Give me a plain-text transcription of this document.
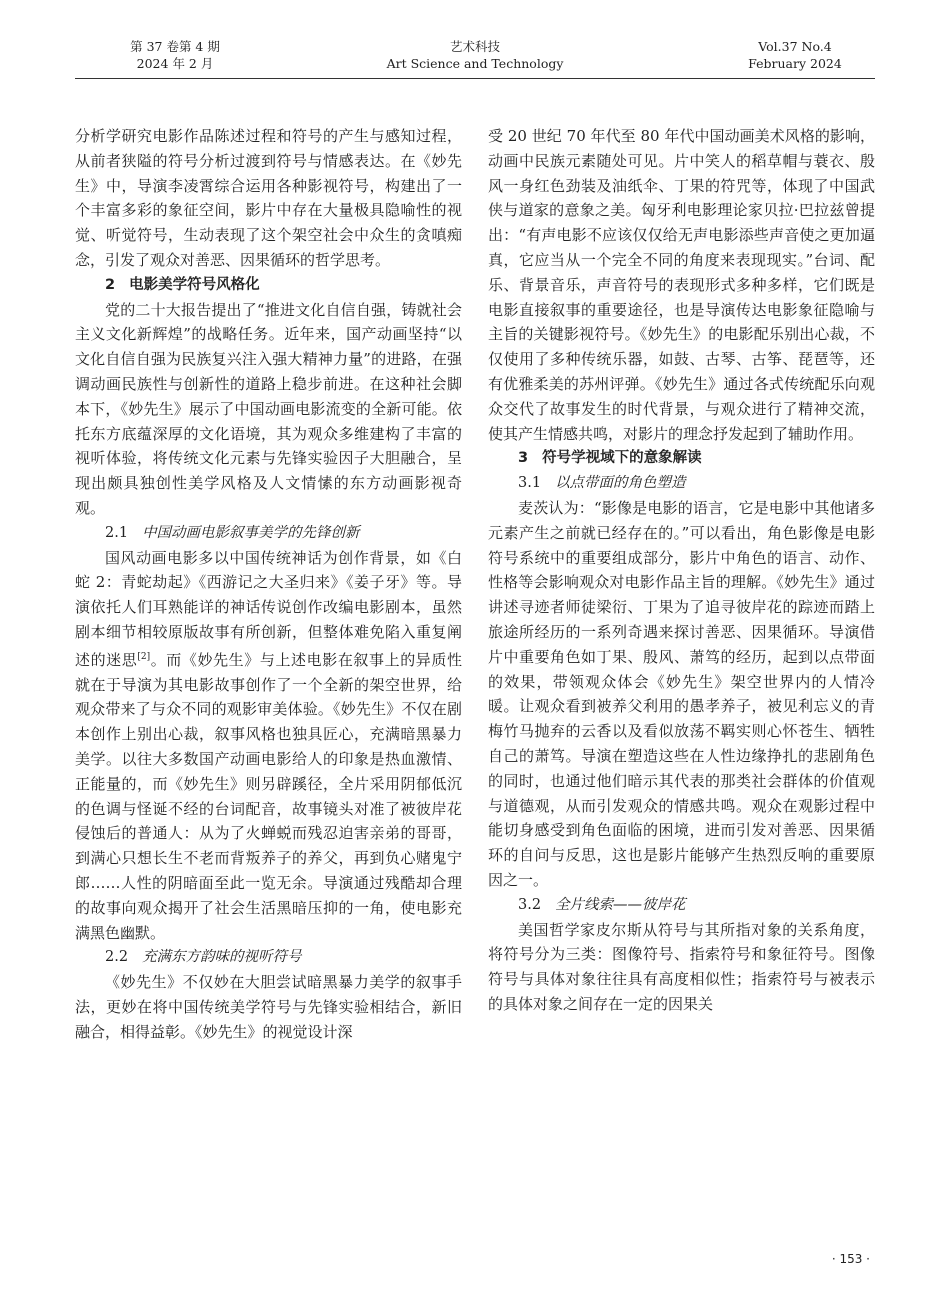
第 37 卷第 4 期
2024 年 2 月
艺术科技
Art Science and Technology
Vol.37 No.4
February 2024

分析学研究电影作品陈述过程和符号的产生与感知过程，从前者狭隘的符号分析过渡到符号与情感表达。在《妙先生》中，导演李凌霄综合运用各种影视符号，构建出了一个丰富多彩的象征空间，影片中存在大量极具隐喻性的视觉、听觉符号，生动表现了这个架空社会中众生的贪嗔痴念，引发了观众对善恶、因果循环的哲学思考。

2 电影美学符号风格化

党的二十大报告提出了“推进文化自信自强，铸就社会主义文化新辉煌”的战略任务。近年来，国产动画坚持“以文化自信自强为民族复兴注入强大精神力量”的进路，在强调动画民族性与创新性的道路上稳步前进。在这种社会脚本下，《妙先生》展示了中国动画电影流变的全新可能。依托东方底蕴深厚的文化语境，其为观众多维建构了丰富的视听体验，将传统文化元素与先锋实验因子大胆融合，呈现出颇具独创性美学风格及人文情愫的东方动画影视奇观。

2.1 中国动画电影叙事美学的先锋创新

国风动画电影多以中国传统神话为创作背景，如《白蛇 2：青蛇劫起》《西游记之大圣归来》《姜子牙》等。导演依托人们耳熟能详的神话传说创作改编电影剧本，虽然剧本细节相较原版故事有所创新，但整体难免陷入重复阐述的迷思[2]。而《妙先生》与上述电影在叙事上的异质性就在于导演为其电影故事创作了一个全新的架空世界，给观众带来了与众不同的观影审美体验。《妙先生》不仅在剧本创作上别出心裁，叙事风格也独具匠心，充满暗黑暴力美学。以往大多数国产动画电影给人的印象是热血激情、正能量的，而《妙先生》则另辟蹊径，全片采用阴郁低沉的色调与怪诞不经的台词配音，故事镜头对准了被彼岸花侵蚀后的普通人：从为了火蝉蜕而残忍迫害亲弟的哥哥，到满心只想长生不老而背叛养子的养父，再到负心赌鬼宁郎……人性的阴暗面至此一览无余。导演通过残酷却合理的故事向观众揭开了社会生活黑暗压抑的一角，使电影充满黑色幽默。

2.2 充满东方韵味的视听符号

《妙先生》不仅妙在大胆尝试暗黑暴力美学的叙事手法，更妙在将中国传统美学符号与先锋实验相结合，新旧融合，相得益彰。《妙先生》的视觉设计深

受 20 世纪 70 年代至 80 年代中国动画美术风格的影响，动画中民族元素随处可见。片中笑人的稻草帽与蓑衣、殷风一身红色劲装及油纸伞、丁果的符咒等，体现了中国武侠与道家的意象之美。匈牙利电影理论家贝拉·巴拉兹曾提出：“有声电影不应该仅仅给无声电影添些声音使之更加逼真，它应当从一个完全不同的角度来表现现实。”台词、配乐、背景音乐，声音符号的表现形式多种多样，它们既是电影直接叙事的重要途径，也是导演传达电影象征隐喻与主旨的关键影视符号。《妙先生》的电影配乐别出心裁，不仅使用了多种传统乐器，如鼓、古琴、古筝、琵琶等，还有优雅柔美的苏州评弹。《妙先生》通过各式传统配乐向观众交代了故事发生的时代背景，与观众进行了精神交流，使其产生情感共鸣，对影片的理念抒发起到了辅助作用。

3 符号学视域下的意象解读

3.1 以点带面的角色塑造

麦茨认为：“影像是电影的语言，它是电影中其他诸多元素产生之前就已经存在的。”可以看出，角色影像是电影符号系统中的重要组成部分，影片中角色的语言、动作、性格等会影响观众对电影作品主旨的理解。《妙先生》通过讲述寻迹者师徒梁衍、丁果为了追寻彼岸花的踪迹而踏上旅途所经历的一系列奇遇来探讨善恶、因果循环。导演借片中重要角色如丁果、殷风、萧笃的经历，起到以点带面的效果，带领观众体会《妙先生》架空世界内的人情冷暖。让观众看到被养父利用的愚孝养子，被见利忘义的青梅竹马抛弃的云香以及看似放荡不羁实则心怀苍生、牺牲自己的萧笃。导演在塑造这些在人性边缘挣扎的悲剧角色的同时，也通过他们暗示其代表的那类社会群体的价值观与道德观，从而引发观众的情感共鸣。观众在观影过程中能切身感受到角色面临的困境，进而引发对善恶、因果循环的自问与反思，这也是影片能够产生热烈反响的重要原因之一。

3.2 全片线索——彼岸花

美国哲学家皮尔斯从符号与其所指对象的关系角度，将符号分为三类：图像符号、指索符号和象征符号。图像符号与具体对象往往具有高度相似性；指索符号与被表示的具体对象之间存在一定的因果关

· 153 ·
